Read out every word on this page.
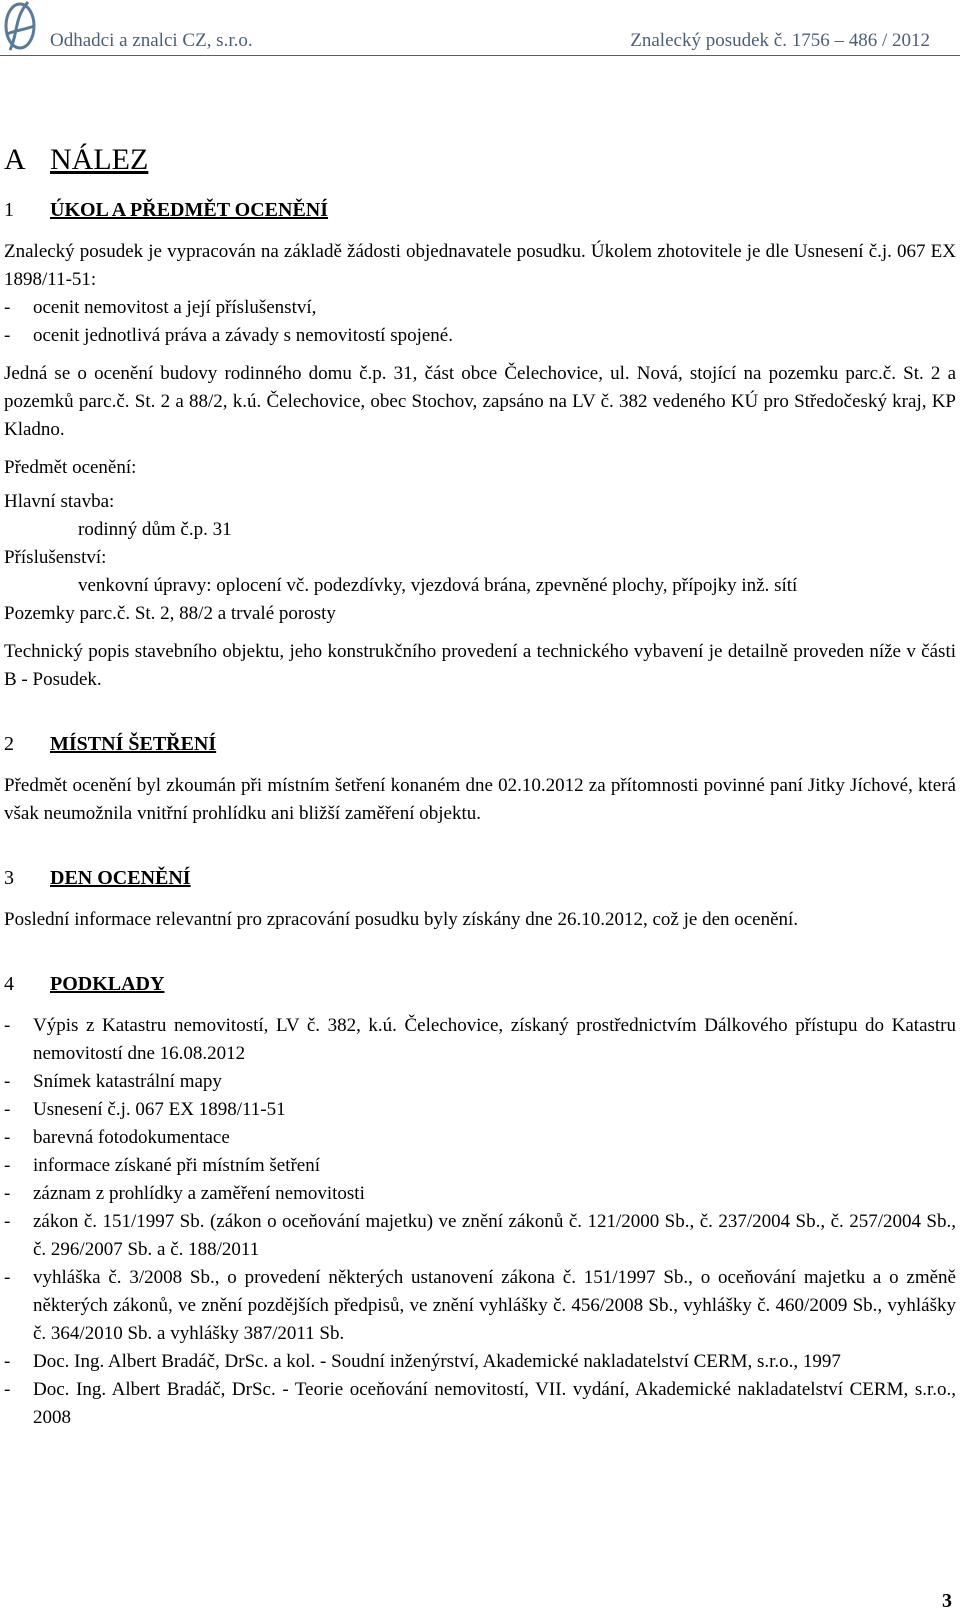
Odhadci a znalci CZ, s.r.o.	Znalecký posudek č. 1756 – 486 / 2012
A NÁLEZ
1 ÚKOL A PŘEDMĚT OCENĚNÍ

Znalecký posudek je vypracován na základě žádosti objednavatele posudku. Úkolem zhotovitele je dle Usnesení č.j. 067 EX 1898/11-51:

- ocenit nemovitost a její příslušenství,
- ocenit jednotlivá práva a závady s nemovitostí spojené.

Jedná se o ocenění budovy rodinného domu č.p. 31, část obce Čelechovice, ul. Nová, stojící na pozemku parc.č. St. 2 a pozemků parc.č. St. 2 a 88/2, k.ú. Čelechovice, obec Stochov, zapsáno na LV č. 382 vedeného KÚ pro Středočeský kraj, KP Kladno.

Předmět ocenění:

Hlavní stavba:

rodinný dům č.p. 31

Příslušenství:

venkovní úpravy: oplocení vč. podezdívky, vjezdová brána, zpevněné plochy, přípojky inž. sítí

Pozemky parc.č. St. 2, 88/2 a trvalé porosty

Technický popis stavebního objektu, jeho konstrukčního provedení a technického vybavení je detailně proveden níže v části B - Posudek.

2 MÍSTNÍ ŠETŘENÍ

Předmět ocenění byl zkoumán při místním šetření konaném dne 02.10.2012 za přítomnosti povinné paní Jitky Jíchové, která však neumožnila vnitřní prohlídku ani bližší zaměření objektu.

3 DEN OCENĚNÍ

Poslední informace relevantní pro zpracování posudku byly získány dne 26.10.2012, což je den ocenění.

4 PODKLADY
- Výpis z Katastru nemovitostí, LV č. 382, k.ú. Čelechovice, získaný prostřednictvím Dálkového přístupu do Katastru nemovitostí dne 16.08.2012
- Snímek katastrální mapy
- Usnesení č.j. 067 EX 1898/11-51
- barevná fotodokumentace
- informace získané při místním šetření
- záznam z prohlídky a zaměření nemovitosti
- zákon č. 151/1997 Sb. (zákon o oceňování majetku) ve znění zákonů č. 121/2000 Sb., č. 237/2004 Sb., č. 257/2004 Sb., č. 296/2007 Sb. a č. 188/2011
- vyhláška č. 3/2008 Sb., o provedení některých ustanovení zákona č. 151/1997 Sb., o oceňování majetku a o změně některých zákonů, ve znění pozdějších předpisů, ve znění vyhlášky č. 456/2008 Sb., vyhlášky č. 460/2009 Sb., vyhlášky č. 364/2010 Sb. a vyhlášky 387/2011 Sb.
- Doc. Ing. Albert Bradáč, DrSc. a kol. - Soudní inženýrství, Akademické nakladatelství CERM, s.r.o., 1997
- Doc. Ing. Albert Bradáč, DrSc. - Teorie oceňování nemovitostí, VII. vydání, Akademické nakladatelství CERM, s.r.o., 2008
3
